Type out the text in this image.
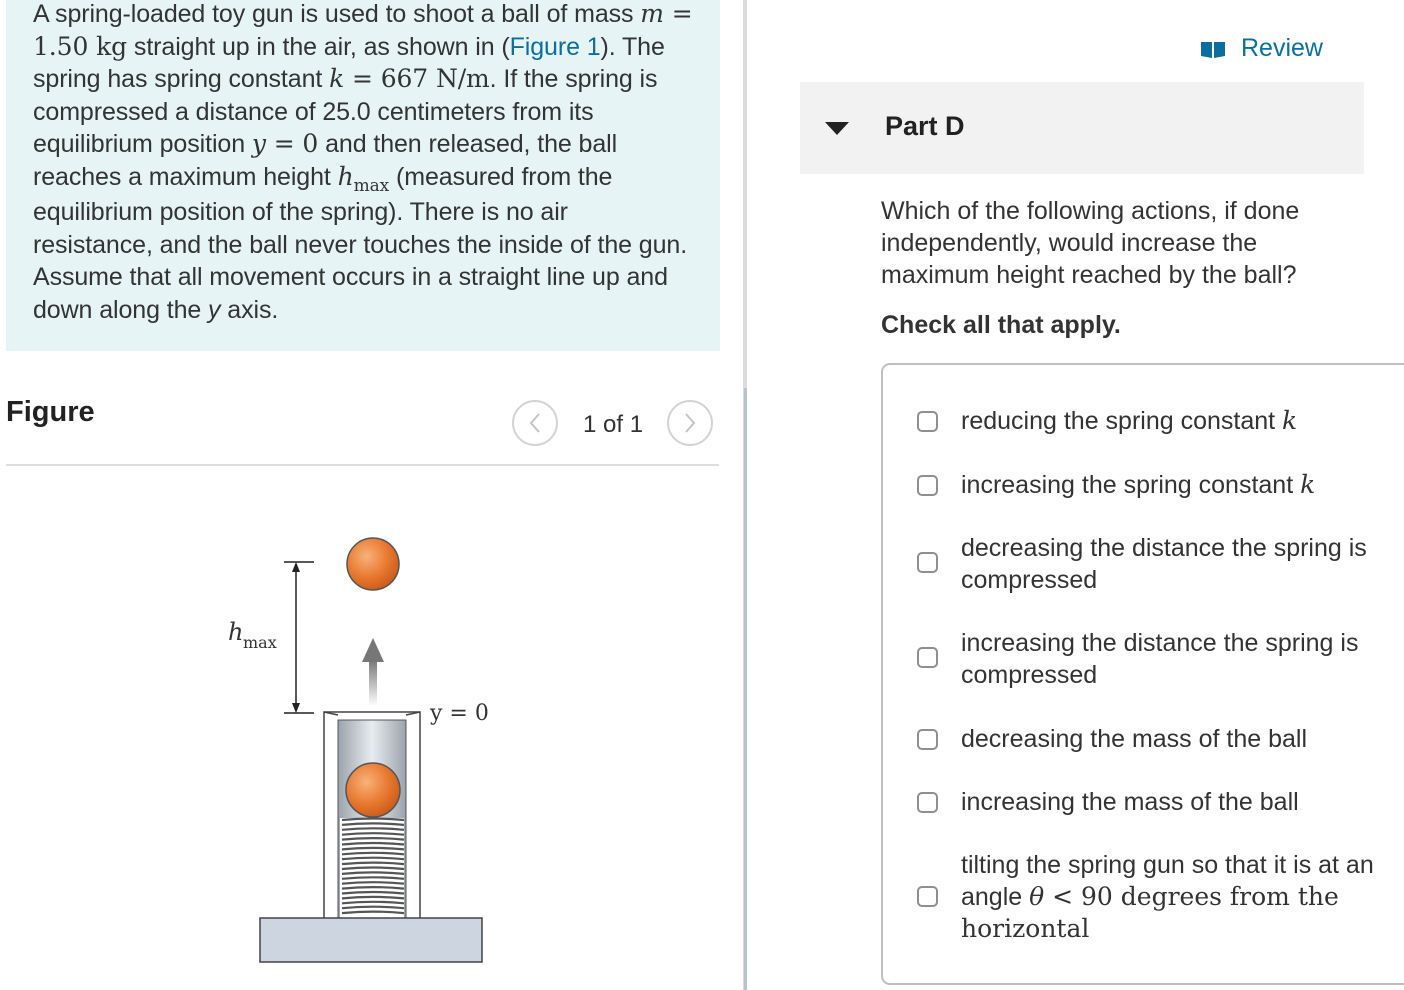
A spring-loaded toy gun is used to shoot a ball of mass m = 1.50 kg straight up in the air, as shown in (Figure 1). The spring has spring constant k = 667 N/m. If the spring is compressed a distance of 25.0 centimeters from its equilibrium position y = 0 and then released, the ball reaches a maximum height $h_{max}$ (measured from the equilibrium position of the spring). There is no air resistance, and the ball never touches the inside of the gun. Assume that all movement occurs in a straight line up and down along the y axis.
Figure	1 of 1
h max
y = 0
Review
Part D
Which of the following actions, if done independently, would increase the maximum height reached by the ball?
Check all that apply.
reducing the spring constant k
increasing the spring constant k
decreasing the distance the spring is compressed
increasing the distance the spring is compressed
decreasing the mass of the ball
increasing the mass of the ball
tilting the spring gun so that it is at an angle θ < 90 degrees from the horizontal
